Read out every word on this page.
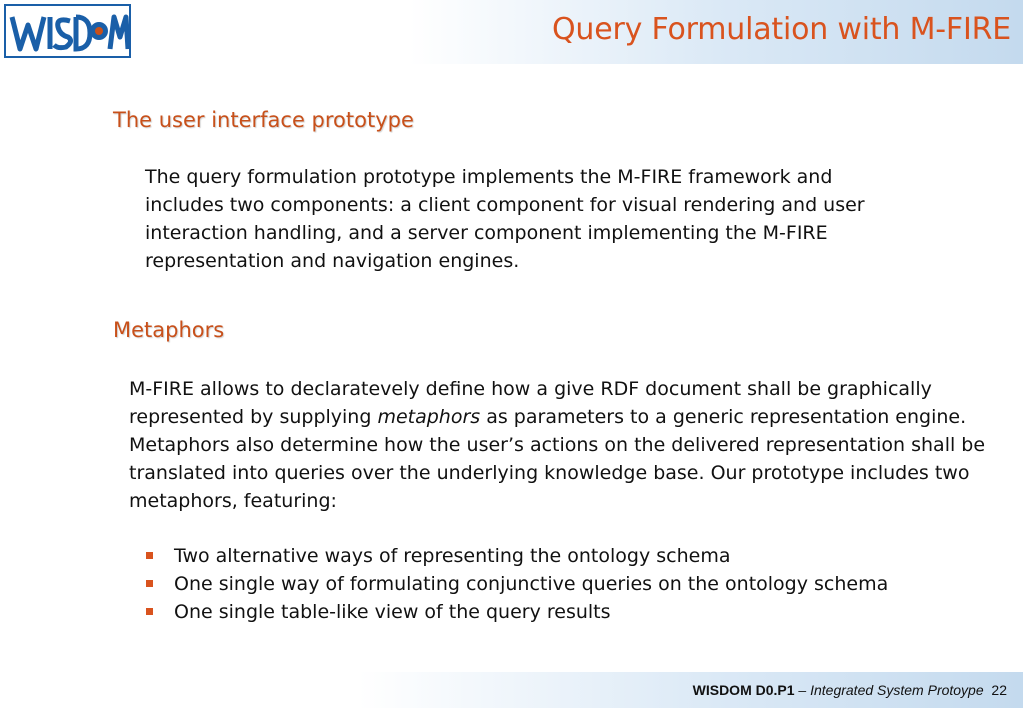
Query Formulation with M-FIRE
The user interface prototype
The query formulation prototype implements the M-FIRE framework and includes two components: a client component for visual rendering and user interaction handling, and a server component implementing the M-FIRE representation and navigation engines.
Metaphors
M-FIRE allows to declaratevely define how a give RDF document shall be graphically represented by supplying metaphors as parameters to a generic representation engine. Metaphors also determine how the user’s actions on the delivered representation shall be translated into queries over the underlying knowledge base. Our prototype includes two metaphors, featuring:
Two alternative ways of representing the ontology schema
One single way of formulating conjunctive queries on the ontology schema
One single table-like view of the query results
WISDOM D0.P1 – Integrated System Protoype 22
